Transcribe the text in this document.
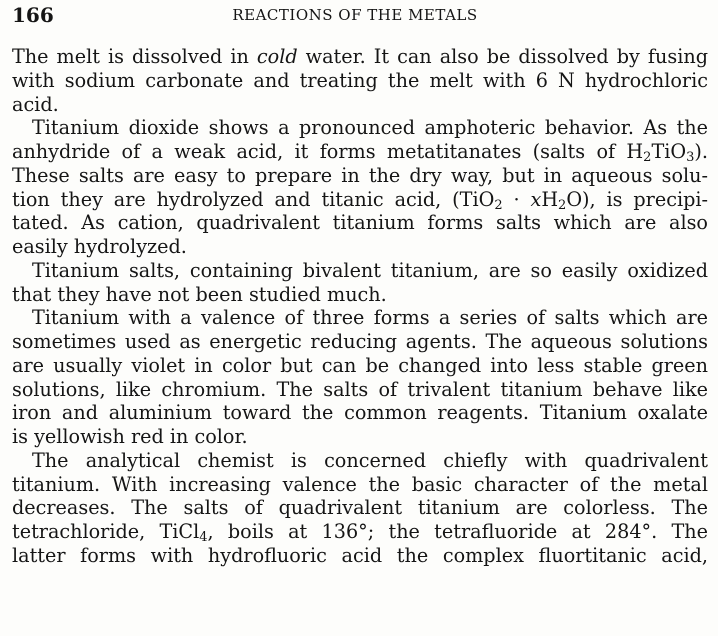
166	REACTIONS OF THE METALS
The melt is dissolved in cold water. It can also be dissolved by fusing
with sodium carbonate and treating the melt with 6 N hydrochloric
acid.
Titanium dioxide shows a pronounced amphoteric behavior. As the
anhydride of a weak acid, it forms metatitanates (salts of $H_2TiO_3$).
These salts are easy to prepare in the dry way, but in aqueous solu-
tion they are hydrolyzed and titanic acid, $(TiO_2 \cdot xH_2O)$, is precipi-
tated. As cation, quadrivalent titanium forms salts which are also
easily hydrolyzed.
Titanium salts, containing bivalent titanium, are so easily oxidized
that they have not been studied much.
Titanium with a valence of three forms a series of salts which are
sometimes used as energetic reducing agents. The aqueous solutions
are usually violet in color but can be changed into less stable green
solutions, like chromium. The salts of trivalent titanium behave like
iron and aluminium toward the common reagents. Titanium oxalate
is yellowish red in color.
The analytical chemist is concerned chiefly with quadrivalent
titanium. With increasing valence the basic character of the metal
decreases. The salts of quadrivalent titanium are colorless. The
tetrachloride, TiCl$_4$, boils at 136°; the tetrafluoride at 284°. The
latter forms with hydrofluoric acid the complex fluortitanic acid,
